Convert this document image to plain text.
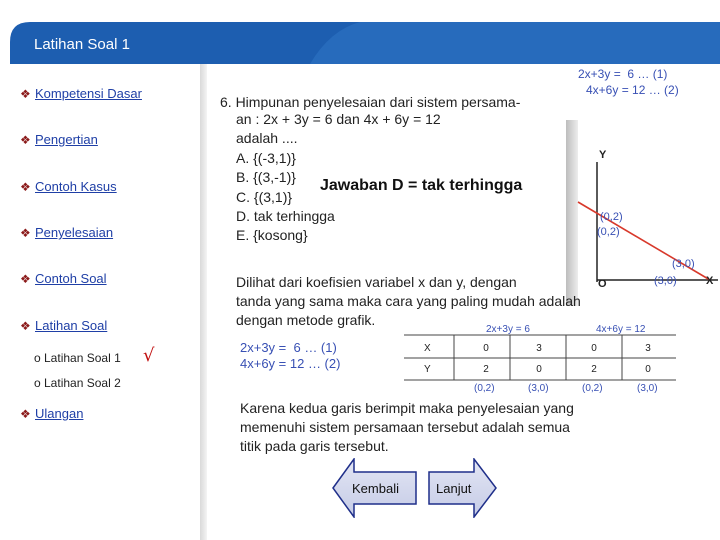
Latihan Soal 1
❖ Kompetensi Dasar
❖ Pengertian
❖ Contoh Kasus
❖ Penyelesaian
❖ Contoh Soal
❖ Latihan Soal
o Latihan Soal 1 √
o Latihan Soal 2
❖ Ulangan
6. Himpunan penyelesaian dari sistem persama-
an : 2x + 3y = 6 dan 4x + 6y = 12
adalah ....
A. {(-3,1)}
B. {(3,-1)}
C. {(3,1)}
D. tak terhingga
E. {kosong}
Jawaban D = tak terhingga
2x+3y =  6 … (1)
4x+6y = 12 … (2)
Y
X
O
(0,2)
(0,2)
(3,0)
(3,0)
Dilihat dari koefisien variabel x dan y, dengan
tanda yang sama maka cara yang paling mudah adalah
dengan metode grafik.
2x+3y =  6 … (1)
4x+6y = 12 … (2)
2x+3y = 6	4x+6y = 12
X	0	3	0	3
Y	2	0	2	0
(0,2)	(3,0)	(0,2)	(3,0)
Karena kedua garis berimpit maka penyelesaian yang
memenuhi sistem persamaan tersebut adalah semua
titik pada garis tersebut.
Kembali	Lanjut
